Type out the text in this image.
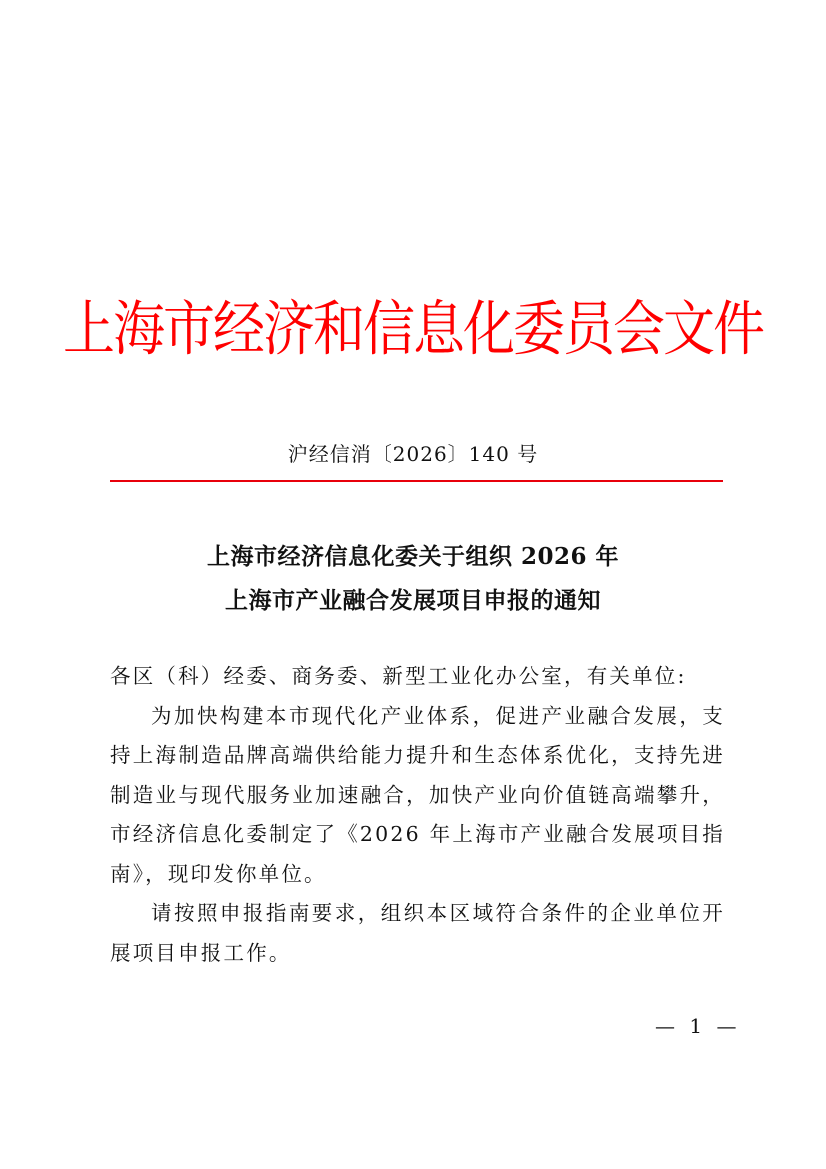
上海市经济和信息化委员会文件
沪经信消〔2026〕140 号
上海市经济信息化委关于组织 2026 年
上海市产业融合发展项目申报的通知

各区（科）经委、商务委、新型工业化办公室，有关单位:

为加快构建本市现代化产业体系，促进产业融合发展，支持上海制造品牌高端供给能力提升和生态体系优化，支持先进制造业与现代服务业加速融合，加快产业向价值链高端攀升，市经济信息化委制定了《2026 年上海市产业融合发展项目指南》，现印发你单位。

请按照申报指南要求，组织本区域符合条件的企业单位开展项目申报工作。

— 1 —
